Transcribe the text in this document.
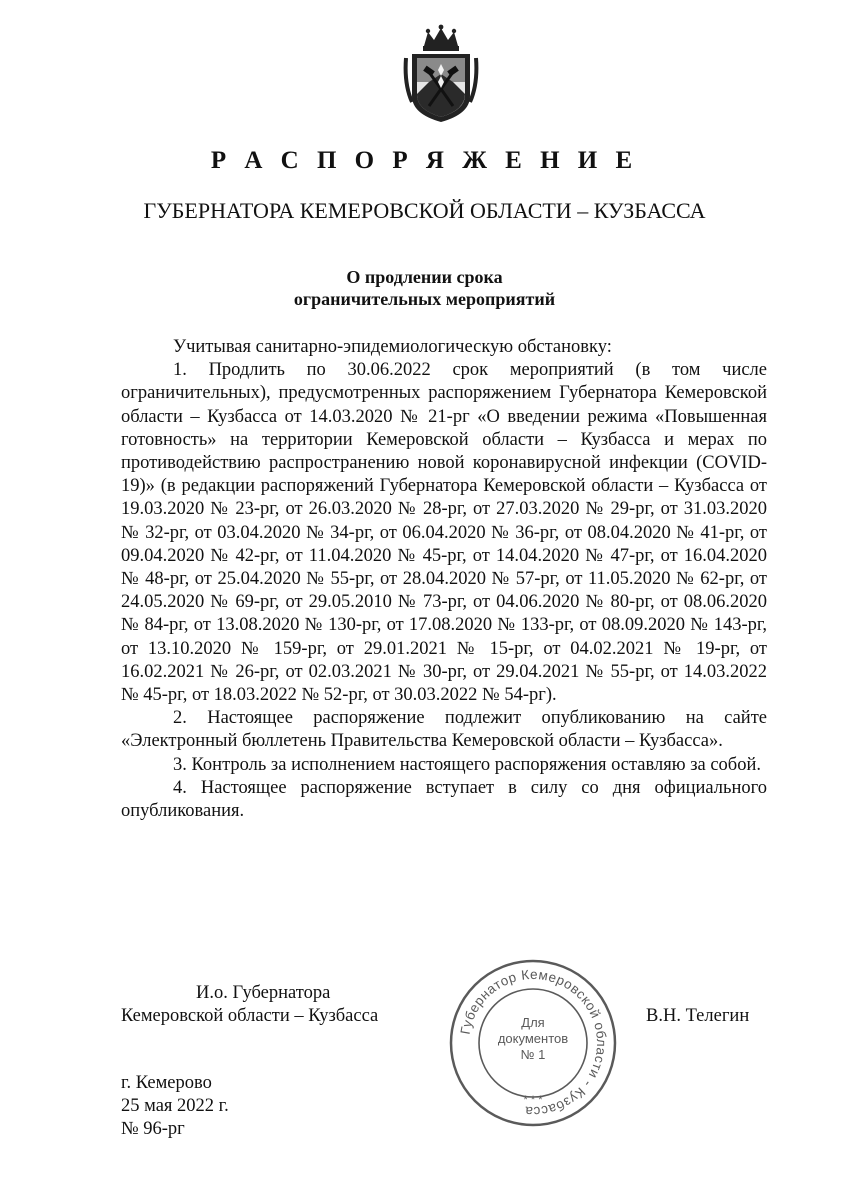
Р А С П О Р Я Ж Е Н И Е
ГУБЕРНАТОРА КЕМЕРОВСКОЙ ОБЛАСТИ – КУЗБАССА
О продлении срока
ограничительных мероприятий

Учитывая санитарно-эпидемиологическую обстановку:

1. Продлить по 30.06.2022 срок мероприятий (в том числе ограничительных), предусмотренных распоряжением Губернатора Кемеровской области – Кузбасса от 14.03.2020 № 21-рг «О введении режима «Повышенная готовность» на территории Кемеровской области – Кузбасса и мерах по противодействию распространению новой коронавирусной инфекции (COVID-19)» (в редакции распоряжений Губернатора Кемеровской области – Кузбасса от 19.03.2020 № 23-рг, от 26.03.2020 № 28-рг, от 27.03.2020 № 29-рг, от 31.03.2020 № 32-рг, от 03.04.2020 № 34-рг, от 06.04.2020 № 36-рг, от 08.04.2020 № 41-рг, от 09.04.2020 № 42-рг, от 11.04.2020 № 45-рг, от 14.04.2020 № 47-рг, от 16.04.2020 № 48-рг, от 25.04.2020 № 55-рг, от 28.04.2020 № 57-рг, от 11.05.2020 № 62-рг, от 24.05.2020 № 69-рг, от 29.05.2010 № 73-рг, от 04.06.2020 № 80-рг, от 08.06.2020 № 84-рг, от 13.08.2020 № 130-рг, от 17.08.2020 № 133-рг, от 08.09.2020 № 143-рг, от 13.10.2020 № 159-рг, от 29.01.2021 № 15-рг, от 04.02.2021 № 19-рг, от 16.02.2021 № 26-рг, от 02.03.2021 № 30-рг, от 29.04.2021 № 55-рг, от 14.03.2022 № 45-рг, от 18.03.2022 № 52-рг, от 30.03.2022 № 54-рг).

2. Настоящее распоряжение подлежит опубликованию на сайте «Электронный бюллетень Правительства Кемеровской области – Кузбасса».

3. Контроль за исполнением настоящего распоряжения оставляю за собой.

4. Настоящее распоряжение вступает в силу со дня официального опубликования.

И.о. Губернатора
Кемеровской области – Кузбасса
Губернатор Кемеровской области - Кузбасса
Для
документов
№ 1
* * *
В.Н. Телегин
г. Кемерово
25 мая 2022 г.
№ 96-рг
